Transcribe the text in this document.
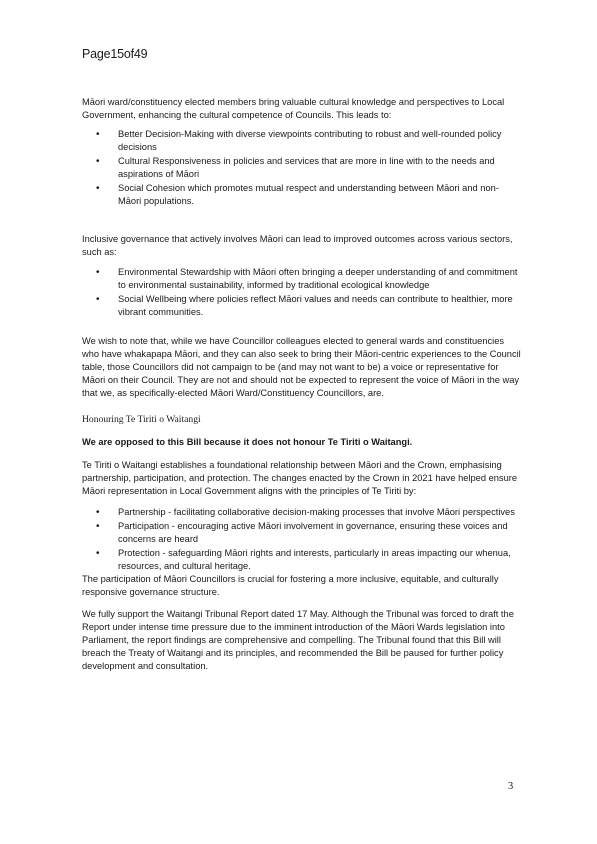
Page15of49

Māori ward/constituency elected members bring valuable cultural knowledge and perspectives to Local Government, enhancing the cultural competence of Councils. This leads to:

• Better Decision-Making with diverse viewpoints contributing to robust and well-rounded policy decisions
• Cultural Responsiveness in policies and services that are more in line with to the needs and aspirations of Māori
• Social Cohesion which promotes mutual respect and understanding between Māori and non-Māori populations.

Inclusive governance that actively involves Māori can lead to improved outcomes across various sectors, such as:

• Environmental Stewardship with Māori often bringing a deeper understanding of and commitment to environmental sustainability, informed by traditional ecological knowledge
• Social Wellbeing where policies reflect Māori values and needs can contribute to healthier, more vibrant communities.

We wish to note that, while we have Councillor colleagues elected to general wards and constituencies who have whakapapa Māori, and they can also seek to bring their Māori-centric experiences to the Council table, those Councillors did not campaign to be (and may not want to be) a voice or representative for Māori on their Council. They are not and should not be expected to represent the voice of Māori in the way that we, as specifically-elected Māori Ward/Constituency Councillors, are.

Honouring Te Tiriti o Waitangi

We are opposed to this Bill because it does not honour Te Tiriti o Waitangi.

Te Tiriti o Waitangi establishes a foundational relationship between Māori and the Crown, emphasising partnership, participation, and protection. The changes enacted by the Crown in 2021 have helped ensure Māori representation in Local Government aligns with the principles of Te Tiriti by:

• Partnership - facilitating collaborative decision-making processes that involve Māori perspectives
• Participation - encouraging active Māori involvement in governance, ensuring these voices and concerns are heard
• Protection - safeguarding Māori rights and interests, particularly in areas impacting our whenua, resources, and cultural heritage.

The participation of Māori Councillors is crucial for fostering a more inclusive, equitable, and culturally responsive governance structure.

We fully support the Waitangi Tribunal Report dated 17 May. Although the Tribunal was forced to draft the Report under intense time pressure due to the imminent introduction of the Māori Wards legislation into Parliament, the report findings are comprehensive and compelling. The Tribunal found that this Bill will breach the Treaty of Waitangi and its principles, and recommended the Bill be paused for further policy development and consultation.

3
